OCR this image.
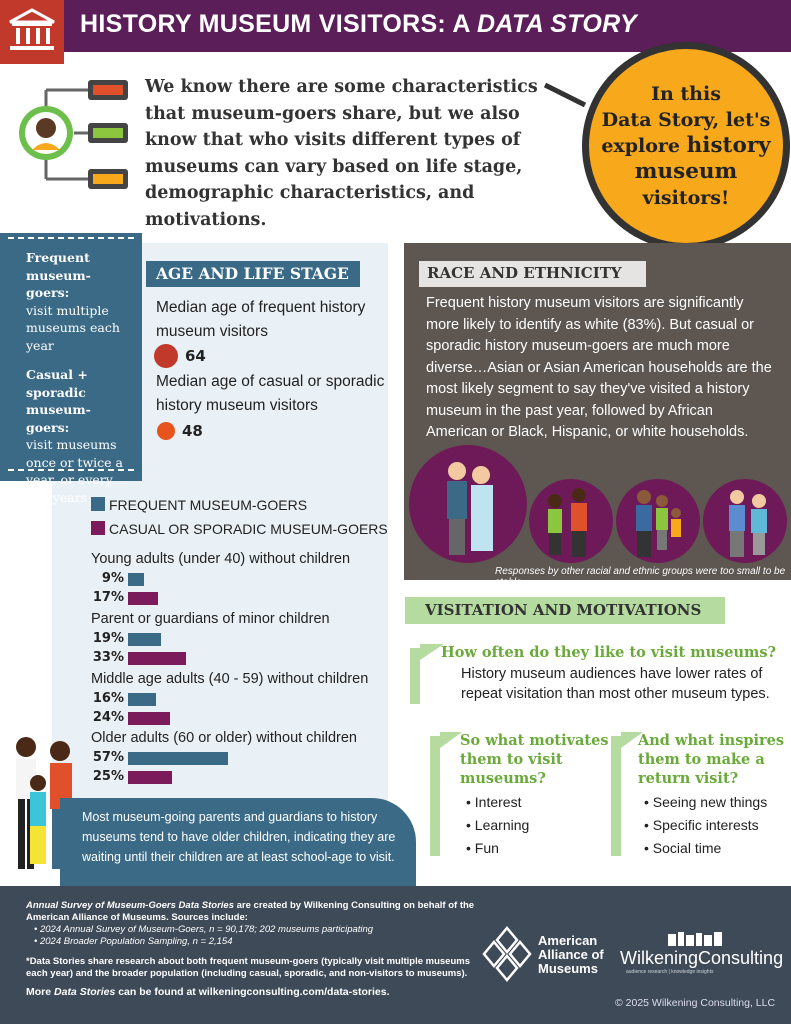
HISTORY MUSEUM VISITORS: A DATA STORY
We know there are some characteristics that museum-goers share, but we also know that who visits different types of museums can vary based on life stage, demographic characteristics, and motivations.
In this
Data Story, let's
explore history
museum
visitors!
Frequent museum-goers:
visit multiple museums each year
Casual + sporadic museum-goers:
visit museums once or twice a year, or every few years
AGE AND LIFE STAGE
Median age of frequent history museum visitors
64
Median age of casual or sporadic history museum visitors
48
FREQUENT MUSEUM-GOERS
CASUAL OR SPORADIC MUSEUM-GOERS
Young adults (under 40) without children
9%
17%
Parent or guardians of minor children
19%
33%
Middle age adults (40 - 59) without children
16%
24%
Older adults (60 or older) without children
57%
25%
Most museum-going parents and guardians to history museums tend to have older children, indicating they are waiting until their children are at least school-age to visit.
RACE AND ETHNICITY
Frequent history museum visitors are significantly more likely to identify as white (83%). But casual or sporadic history museum-goers are much more diverse…Asian or Asian American households are the most likely segment to say they've visited a history museum in the past year, followed by African American or Black, Hispanic, or white households.
Responses by other racial and ethnic groups were too small to be stable
VISITATION AND MOTIVATIONS
How often do they like to visit museums?
History museum audiences have lower rates of repeat visitation than most other museum types.
So what motivates them to visit museums?
• Interest
• Learning
• Fun
And what inspires them to make a return visit?
• Seeing new things
• Specific interests
• Social time
Annual Survey of Museum-Goers Data Stories are created by Wilkening Consulting on behalf of the American Alliance of Museums. Sources include:
• 2024 Annual Survey of Museum-Goers, n = 90,178; 202 museums participating
• 2024 Broader Population Sampling, n = 2,154
*Data Stories share research about both frequent museum-goers (typically visit multiple museums each year) and the broader population (including casual, sporadic, and non-visitors to museums).
More Data Stories can be found at wilkeningconsulting.com/data-stories.
American
Alliance of
Museums
WilkeningConsulting
audience research | knowledge insights
© 2025 Wilkening Consulting, LLC
